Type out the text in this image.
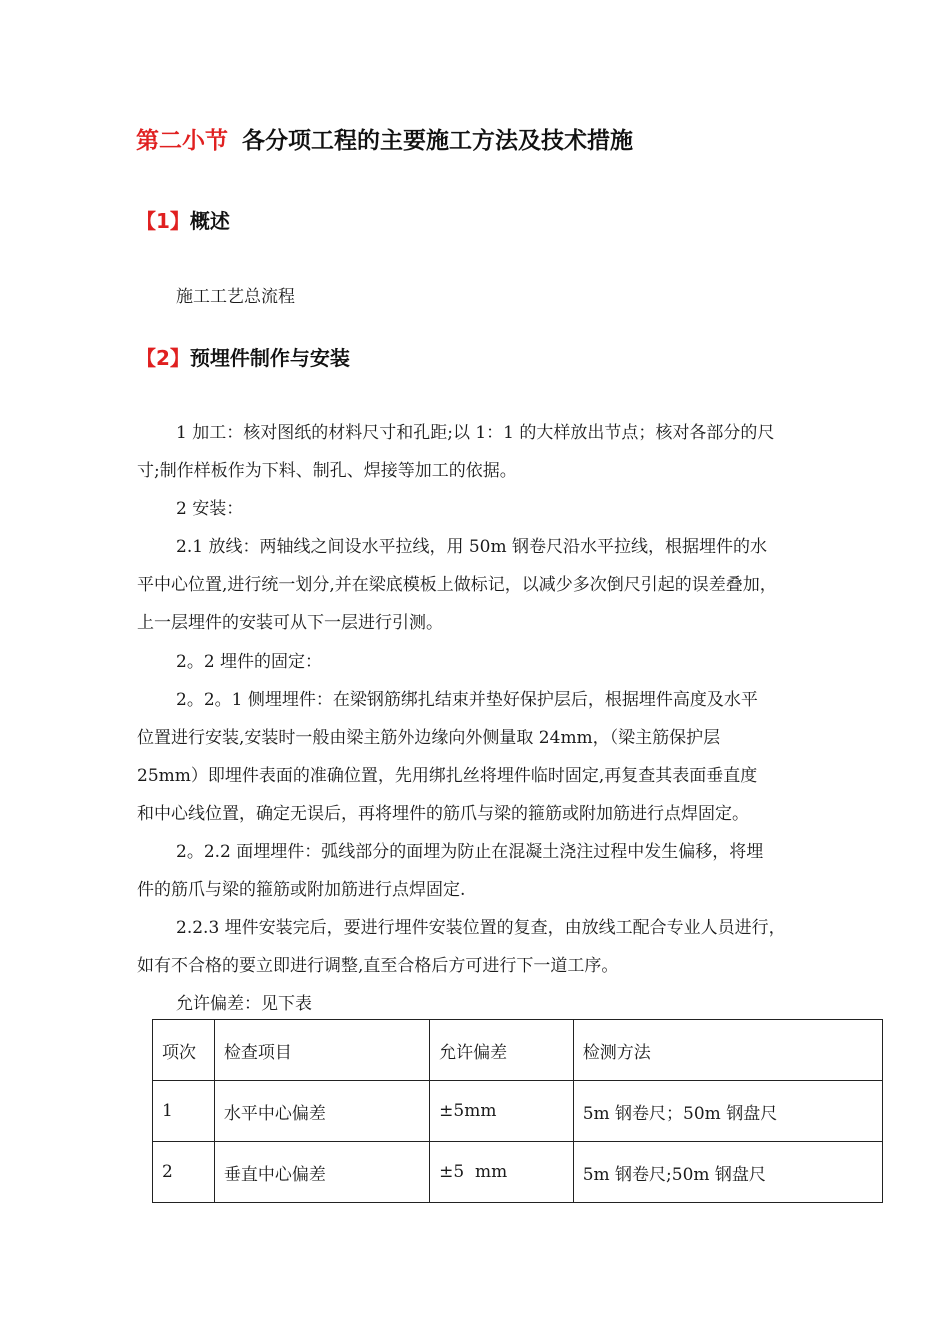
第二小节 各分项工程的主要施工方法及技术措施
【1】概述
施工工艺总流程
【2】预埋件制作与安装
1 加工：核对图纸的材料尺寸和孔距;以 1：1 的大样放出节点；核对各部分的尺
寸;制作样板作为下料、制孔、焊接等加工的依据。
2 安装：
2.1 放线：两轴线之间设水平拉线，用 50m 钢卷尺沿水平拉线，根据埋件的水
平中心位置,进行统一划分,并在梁底模板上做标记，以减少多次倒尺引起的误差叠加，
上一层埋件的安装可从下一层进行引测。
2。2 埋件的固定：
2。2。1 侧埋埋件：在梁钢筋绑扎结束并垫好保护层后，根据埋件高度及水平
位置进行安装,安装时一般由梁主筋外边缘向外侧量取 24mm，（梁主筋保护层
25mm）即埋件表面的准确位置，先用绑扎丝将埋件临时固定,再复查其表面垂直度
和中心线位置，确定无误后，再将埋件的筋爪与梁的箍筋或附加筋进行点焊固定。
2。2.2 面埋埋件：弧线部分的面埋为防止在混凝土浇注过程中发生偏移，将埋
件的筋爪与梁的箍筋或附加筋进行点焊固定.
2.2.3 埋件安装完后，要进行埋件安装位置的复查，由放线工配合专业人员进行，
如有不合格的要立即进行调整,直至合格后方可进行下一道工序。
允许偏差：见下表
项次	检查项目	允许偏差	检测方法
1	水平中心偏差	±5mm	5m 钢卷尺；50m 钢盘尺
2	垂直中心偏差	±5  mm	5m 钢卷尺;50m 钢盘尺
